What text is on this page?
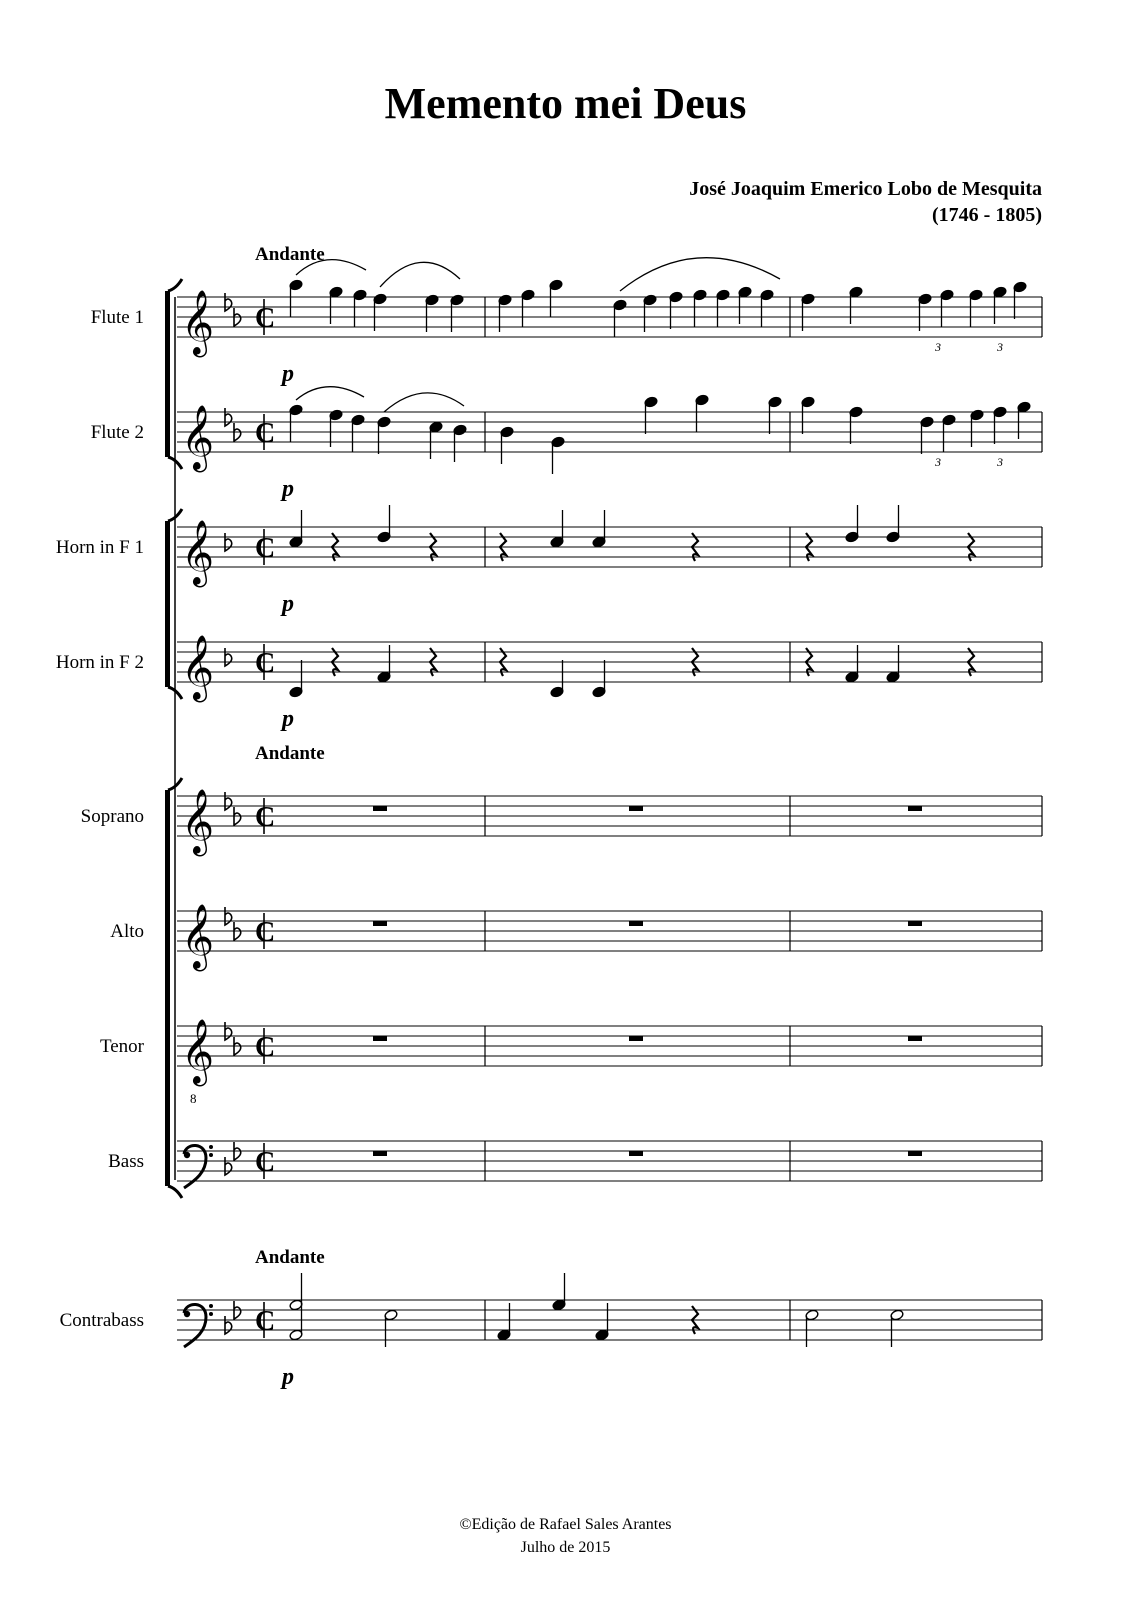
Memento mei Deus
José Joaquim Emerico Lobo de Mesquita
(1746 - 1805)
Flute 1 𝄞 C
Andante
p
3	3
Flute 2 𝄞 C
p
3	3
Horn in F 1 𝄞 C
p
Horn in F 2 𝄞 C
p
Soprano 𝄞 C
Andante
Alto 𝄞 C
Tenor 𝄞
8
C
Bass	C
Contrabass	C
Andante
p
©Edição de Rafael Sales Arantes
Julho de 2015
